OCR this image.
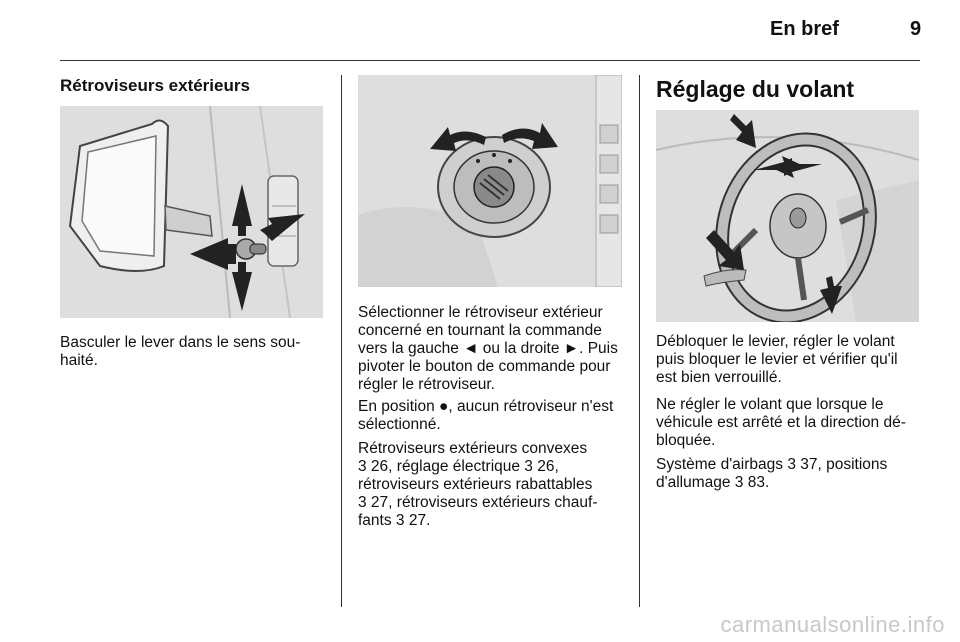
En bref	9
Rétroviseurs extérieurs

Basculer le lever dans le sens sou-
haité.

Sélectionner le rétroviseur extérieur
concerné en tournant la commande
vers la gauche ◄ ou la droite ►. Puis
pivoter le bouton de commande pour
régler le rétroviseur.

En position ●, aucun rétroviseur n'est
sélectionné.

Rétroviseurs extérieurs convexes
3 26, réglage électrique 3 26,
rétroviseurs extérieurs rabattables
3 27, rétroviseurs extérieurs chauf-
fants 3 27.

Réglage du volant

Débloquer le levier, régler le volant
puis bloquer le levier et vérifier qu'il
est bien verrouillé.

Ne régler le volant que lorsque le
véhicule est arrêté et la direction dé-
bloquée.

Système d'airbags 3 37, positions
d'allumage 3 83.

carmanualsonline.info
